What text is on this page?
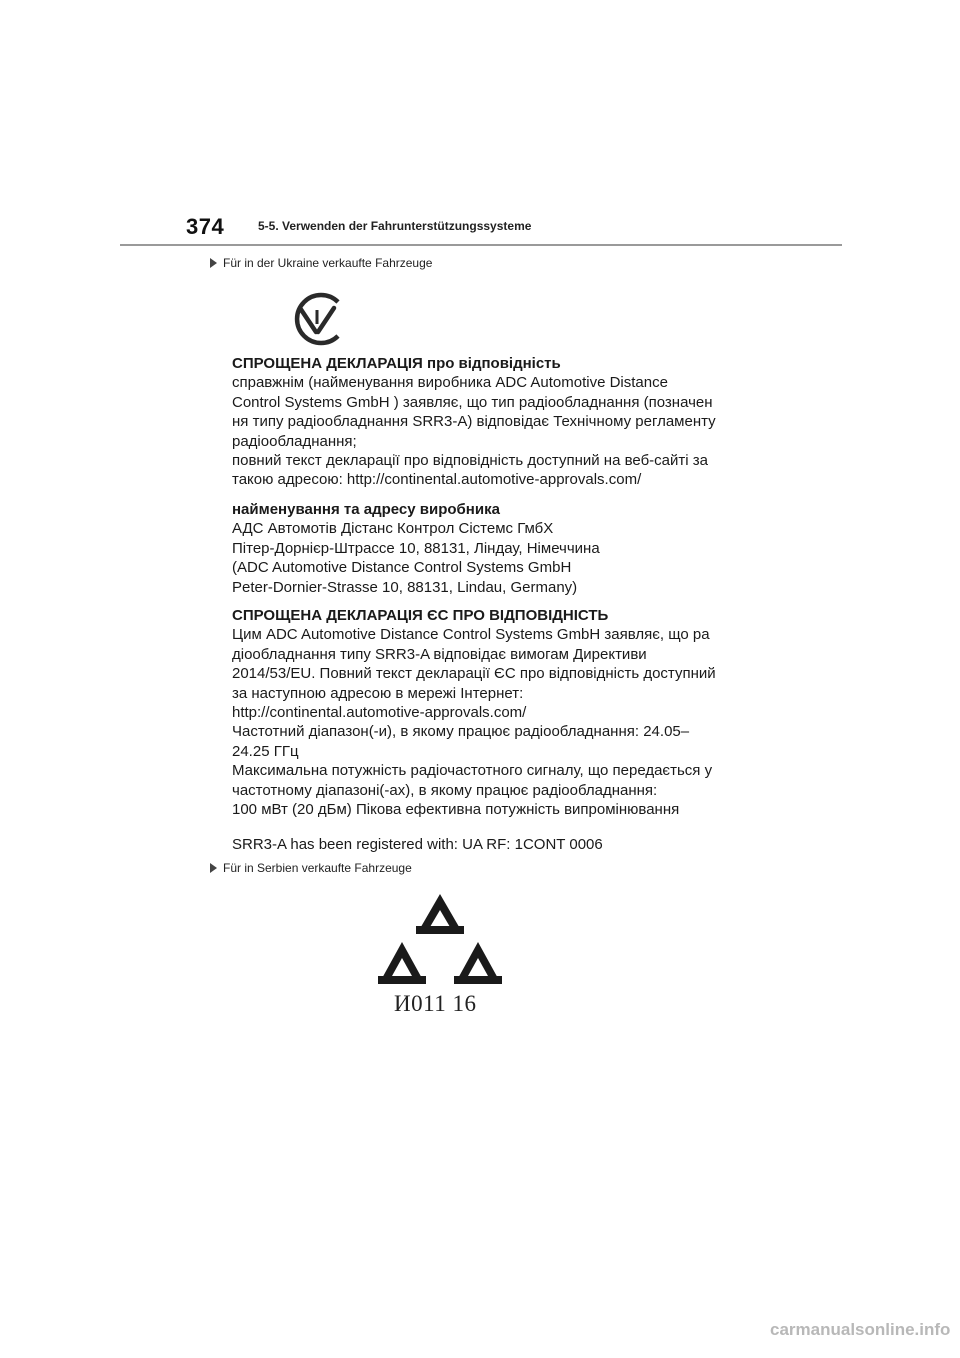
374	5-5. Verwenden der Fahrunterstützungssysteme
Für in der Ukraine verkaufte Fahrzeuge
СПРОЩЕНА ДЕКЛАРАЦІЯ про відповідність
справжнім (найменування виробника ADC Automotive Distance
Control Systems GmbH ) заявляє, що тип радіообладнання (позначен
ня типу радіообладнання SRR3-A) відповідає Технічному регламенту
радіообладнання;
повний текст декларації про відповідність доступний на веб-сайті за
такою адресою: http://continental.automotive-approvals.com/
найменування та адресу виробника
АДС Автомотів Дістанс Контрол Сістемс ГмбХ
Пітер-Дорнієр-Штрассе 10, 88131, Ліндау, Німеччина
(ADC Automotive Distance Control Systems GmbH
Peter-Dornier-Strasse 10, 88131, Lindau, Germany)
СПРОЩЕНА ДЕКЛАРАЦІЯ ЄС ПРО ВІДПОВІДНІСТЬ
Цим ADC Automotive Distance Control Systems GmbH заявляє, що ра
діообладнання типу SRR3-A відповідає вимогам Директиви
2014/53/EU. Повний текст декларації ЄС про відповідність доступний
за наступною адресою в мережі Інтернет:
http://continental.automotive-approvals.com/
Частотний діапазон(-и), в якому працює радіообладнання: 24.05–
24.25 ГГц
Максимальна потужність радіочастотного сигналу, що передається у
частотному діапазоні(-ах), в якому працює радіообладнання:
100 мВт (20 дБм) Пікова ефективна потужність випромінювання
SRR3-A has been registered with: UA RF: 1CONT 0006
Für in Serbien verkaufte Fahrzeuge
И011 16
carmanualsonline.info
